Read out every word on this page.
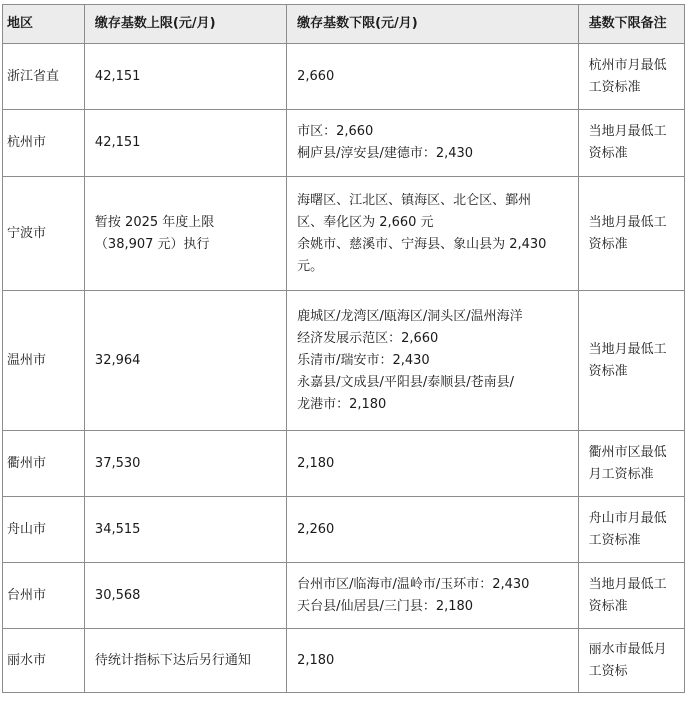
地区	缴存基数上限(元/月)	缴存基数下限(元/月)	基数下限备注
浙江省直	42,151	2,660	杭州市月最低
工资标准

杭州市	42,151	市区：2,660
桐庐县/淳安县/建德市：2,430	当地月最低工
资标准

宁波市	暂按 2025 年度上限
（38,907 元）执行	海曙区、江北区、镇海区、北仑区、鄞州
区、奉化区为 2,660 元
余姚市、慈溪市、宁海县、象山县为 2,430
元。	当地月最低工
资标准

温州市	32,964	鹿城区/龙湾区/瓯海区/洞头区/温州海洋
经济发展示范区：2,660
乐清市/瑞安市：2,430
永嘉县/文成县/平阳县/泰顺县/苍南县/
龙港市：2,180	当地月最低工
资标准

衢州市	37,530	2,180	衢州市区最低
月工资标准

舟山市	34,515	2,260	舟山市月最低
工资标准

台州市	30,568	台州市区/临海市/温岭市/玉环市：2,430
天台县/仙居县/三门县：2,180	当地月最低工
资标准

丽水市	待统计指标下达后另行通知	2,180	丽水市最低月
工资标
